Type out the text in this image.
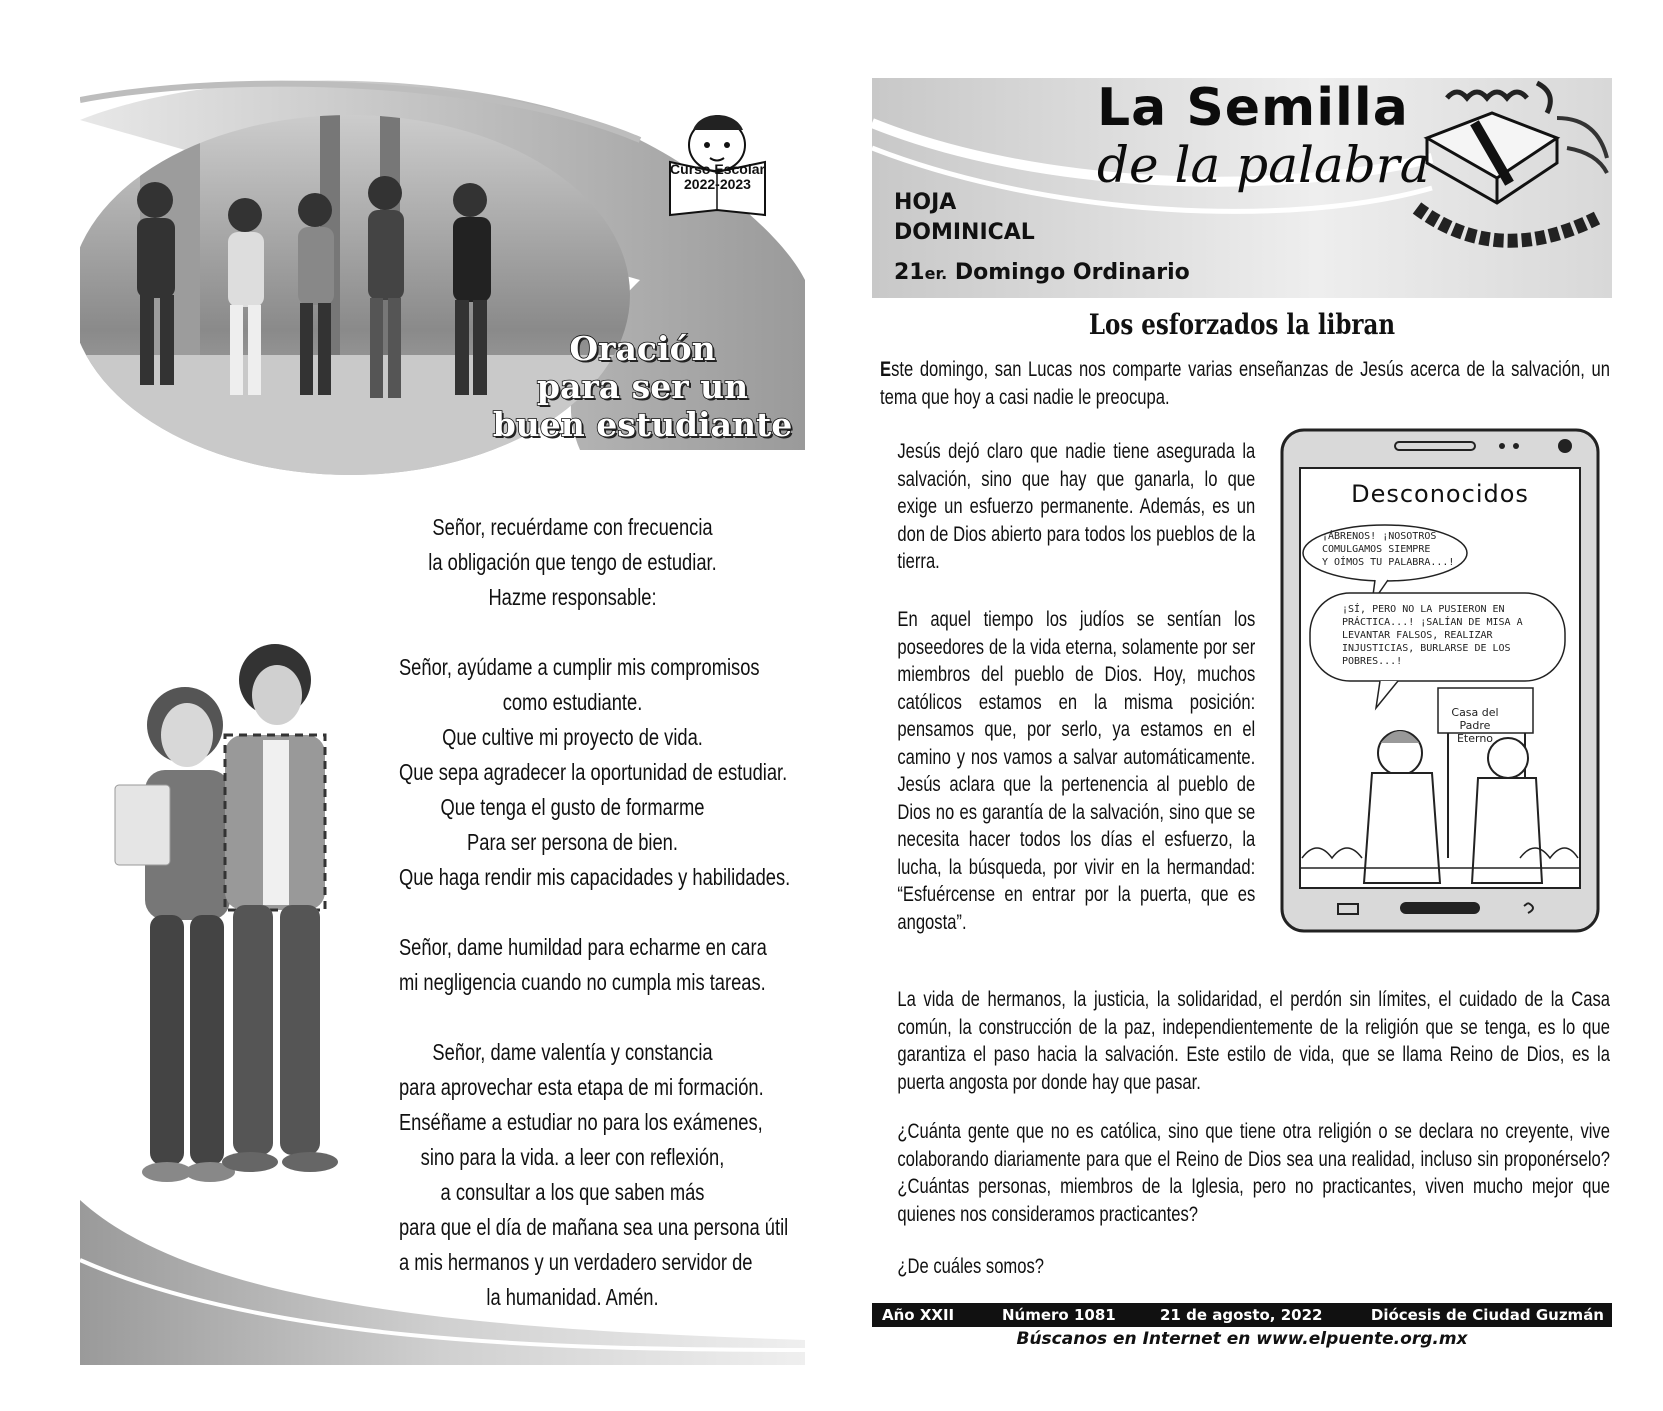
Curso Escolar
2022-2023
Oración
para ser un
buen estudiante
Señor, recuérdame con frecuencia
la obligación que tengo de estudiar.
Hazme responsable:
Señor, ayúdame a cumplir mis compromisos
como estudiante.
Que cultive mi proyecto de vida.
Que sepa agradecer la oportunidad de estudiar.
Que tenga el gusto de formarme
Para ser persona de bien.
Que haga rendir mis capacidades y habilidades.
Señor, dame humildad para echarme en cara
mi negligencia cuando no cumpla mis tareas.
Señor, dame valentía y constancia
para aprovechar esta etapa de mi formación.
Enséñame a estudiar no para los exámenes,
sino para la vida. a leer con reflexión,
a consultar a los que saben más
para que el día de mañana sea una persona útil
a mis hermanos y un verdadero servidor de
la humanidad. Amén.
La Semilla
de la palabra
HOJA
DOMINICAL
21er. Domingo Ordinario
Los esforzados la libran
Este domingo, san Lucas nos comparte varias enseñanzas de Jesús acerca de la salvación, un tema que hoy a casi nadie le preocupa.
Jesús dejó claro que nadie tiene asegurada la salvación, sino que hay que ganarla, lo que exige un esfuerzo permanente. Además, es un don de Dios abierto para todos los pueblos de la tierra.
En aquel tiempo los judíos se sentían los poseedores de la vida eterna, solamente por ser miembros del pueblo de Dios. Hoy, muchos católicos estamos en la misma posición: pensamos que, por serlo, ya estamos en el camino y nos vamos a salvar automáticamente. Jesús aclara que la pertenencia al pueblo de Dios no es garantía de la salvación, sino que se necesita hacer todos los días el esfuerzo, la lucha, la búsqueda, por vivir en la hermandad: “Esfuércense en entrar por la puerta, que es angosta”.
Desconocidos
¡ÁBRENOS! ¡NOSOTROS
COMULGAMOS SIEMPRE
Y OÍMOS TU PALABRA...!
¡SÍ, PERO NO LA PUSIERON EN
PRÁCTICA...! ¡SALÍAN DE MISA A
LEVANTAR FALSOS, REALIZAR
INJUSTICIAS, BURLARSE DE LOS
POBRES...!
Casa del
Padre
Eterno
La vida de hermanos, la justicia, la solidaridad, el perdón sin límites, el cuidado de la Casa común, la construcción de la paz, independientemente de la religión que se tenga, es lo que garantiza el paso hacia la salvación. Este estilo de vida, que se llama Reino de Dios, es la puerta angosta por donde hay que pasar.
¿Cuánta gente que no es católica, sino que tiene otra religión o se declara no creyente, vive colaborando diariamente para que el Reino de Dios sea una realidad, incluso sin proponérselo? ¿Cuántas personas, miembros de la Iglesia, pero no practicantes, viven mucho mejor que quienes nos consideramos practicantes?
¿De cuáles somos?
Año XXII	Número 1081	21 de agosto, 2022	Diócesis de Ciudad Guzmán
Búscanos en Internet en www.elpuente.org.mx
